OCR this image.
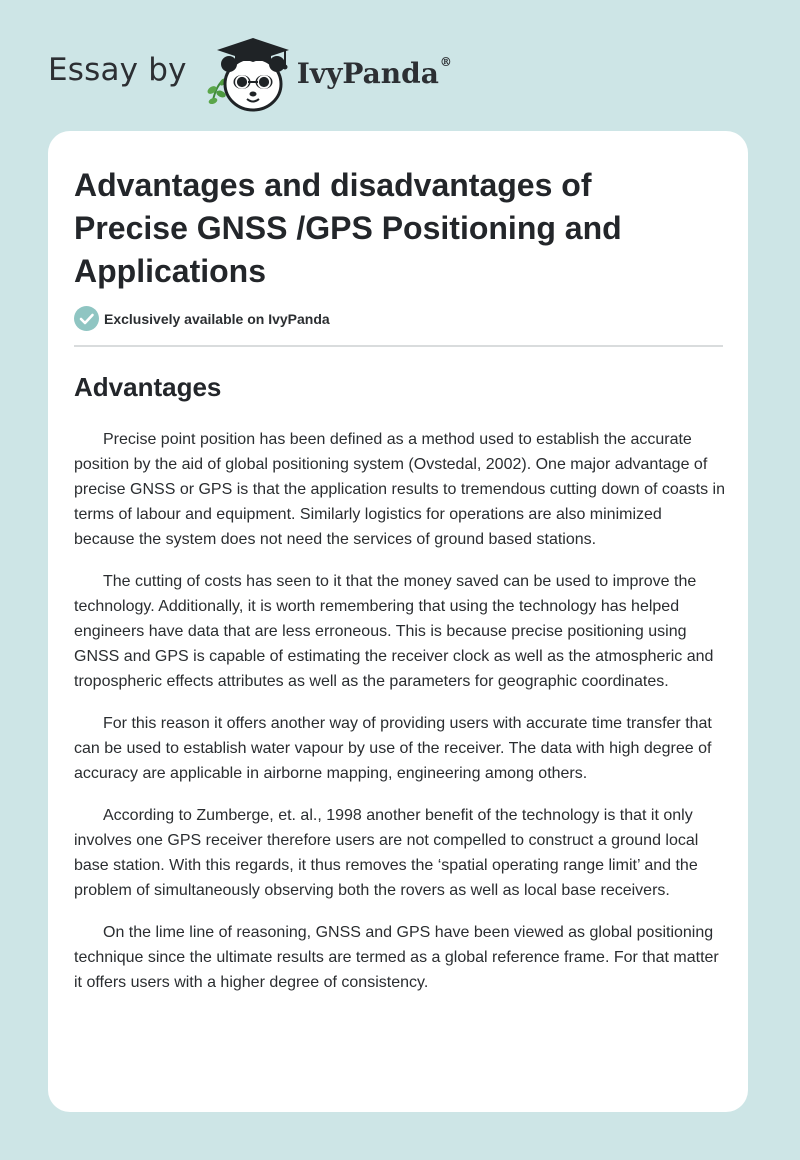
Essay by	IvyPanda®
Advantages and disadvantages of Precise GNSS /GPS Positioning and Applications
Exclusively available on IvyPanda
Advantages

Precise point position has been defined as a method used to establish the accurate position by the aid of global positioning system (Ovstedal, 2002). One major advantage of precise GNSS or GPS is that the application results to tremendous cutting down of coasts in terms of labour and equipment. Similarly logistics for operations are also minimized because the system does not need the services of ground based stations.

The cutting of costs has seen to it that the money saved can be used to improve the technology. Additionally, it is worth remembering that using the technology has helped engineers have data that are less erroneous. This is because precise positioning using GNSS and GPS is capable of estimating the receiver clock as well as the atmospheric and tropospheric effects attributes as well as the parameters for geographic coordinates.

For this reason it offers another way of providing users with accurate time transfer that can be used to establish water vapour by use of the receiver. The data with high degree of accuracy are applicable in airborne mapping, engineering among others.

According to Zumberge, et. al., 1998 another benefit of the technology is that it only involves one GPS receiver therefore users are not compelled to construct a ground local base station. With this regards, it thus removes the ‘spatial operating range limit’ and the problem of simultaneously observing both the rovers as well as local base receivers.

On the lime line of reasoning, GNSS and GPS have been viewed as global positioning technique since the ultimate results are termed as a global reference frame. For that matter it offers users with a higher degree of consistency.
